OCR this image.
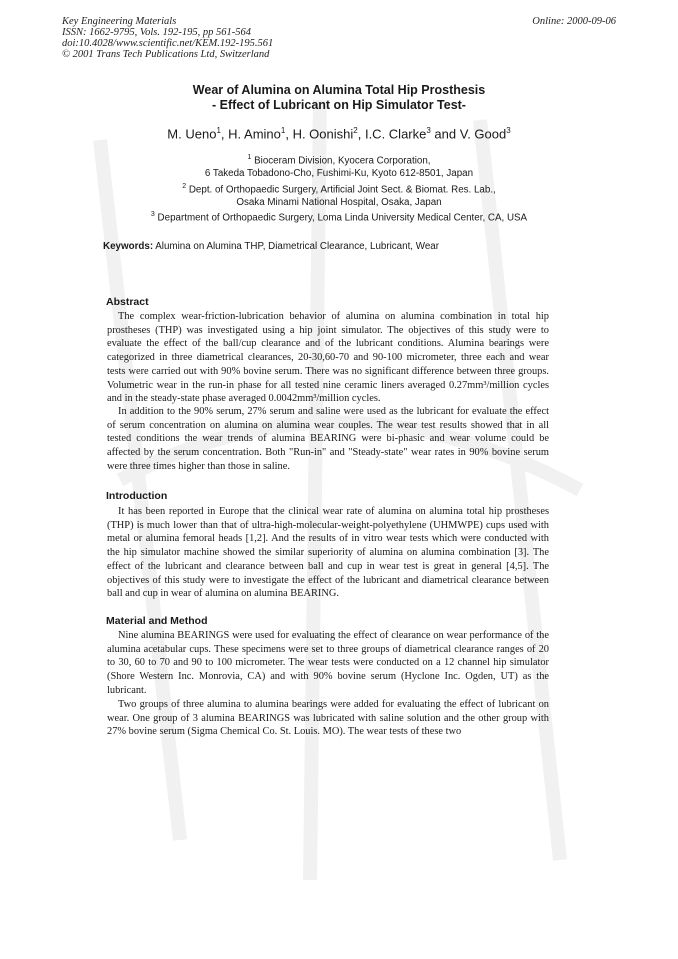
Key Engineering Materials
ISSN: 1662-9795, Vols. 192-195, pp 561-564
doi:10.4028/www.scientific.net/KEM.192-195.561
© 2001 Trans Tech Publications Ltd, Switzerland
Online: 2000-09-06
Wear of Alumina on Alumina Total Hip Prosthesis
- Effect of Lubricant on Hip Simulator Test-
M. Ueno$^1$, H. Amino$^1$, H. Oonishi$^2$, I.C. Clarke$^3$ and V. Good$^3$
$^1$ Bioceram Division, Kyocera Corporation,
6 Takeda Tobadono-Cho, Fushimi-Ku, Kyoto 612-8501, Japan
$^2$ Dept. of Orthopaedic Surgery, Artificial Joint Sect. & Biomat. Res. Lab.,
Osaka Minami National Hospital, Osaka, Japan
$^3$ Department of Orthopaedic Surgery, Loma Linda University Medical Center, CA, USA
Keywords: Alumina on Alumina THP, Diametrical Clearance, Lubricant, Wear
Abstract
The complex wear-friction-lubrication behavior of alumina on alumina combination in total hip prostheses (THP) was investigated using a hip joint simulator. The objectives of this study were to evaluate the effect of the ball/cup clearance and of the lubricant conditions. Alumina bearings were categorized in three diametrical clearances, 20-30,60-70 and 90-100 micrometer, three each and wear tests were carried out with 90% bovine serum. There was no significant difference between three groups. Volumetric wear in the run-in phase for all tested nine ceramic liners averaged 0.27mm³/million cycles and in the steady-state phase averaged 0.0042mm³/million cycles.
In addition to the 90% serum, 27% serum and saline were used as the lubricant for evaluate the effect of serum concentration on alumina on alumina wear couples. The wear test results showed that in all tested conditions the wear trends of alumina BEARING were bi-phasic and wear volume could be affected by the serum concentration. Both "Run-in" and "Steady-state" wear rates in 90% bovine serum were three times higher than those in saline.
Introduction
It has been reported in Europe that the clinical wear rate of alumina on alumina total hip prostheses (THP) is much lower than that of ultra-high-molecular-weight-polyethylene (UHMWPE) cups used with metal or alumina femoral heads [1,2]. And the results of in vitro wear tests which were conducted with the hip simulator machine showed the similar superiority of alumina on alumina combination [3]. The effect of the lubricant and clearance between ball and cup in wear test is great in general [4,5]. The objectives of this study were to investigate the effect of the lubricant and diametrical clearance between ball and cup in wear of alumina on alumina BEARING.
Material and Method
Nine alumina BEARINGS were used for evaluating the effect of clearance on wear performance of the alumina acetabular cups. These specimens were set to three groups of diametrical clearance ranges of 20 to 30, 60 to 70 and 90 to 100 micrometer. The wear tests were conducted on a 12 channel hip simulator (Shore Western Inc. Monrovia, CA) and with 90% bovine serum (Hyclone Inc. Ogden, UT) as the lubricant.
Two groups of three alumina to alumina bearings were added for evaluating the effect of lubricant on wear. One group of 3 alumina BEARINGS was lubricated with saline solution and the other group with 27% bovine serum (Sigma Chemical Co. St. Louis. MO). The wear tests of these two
